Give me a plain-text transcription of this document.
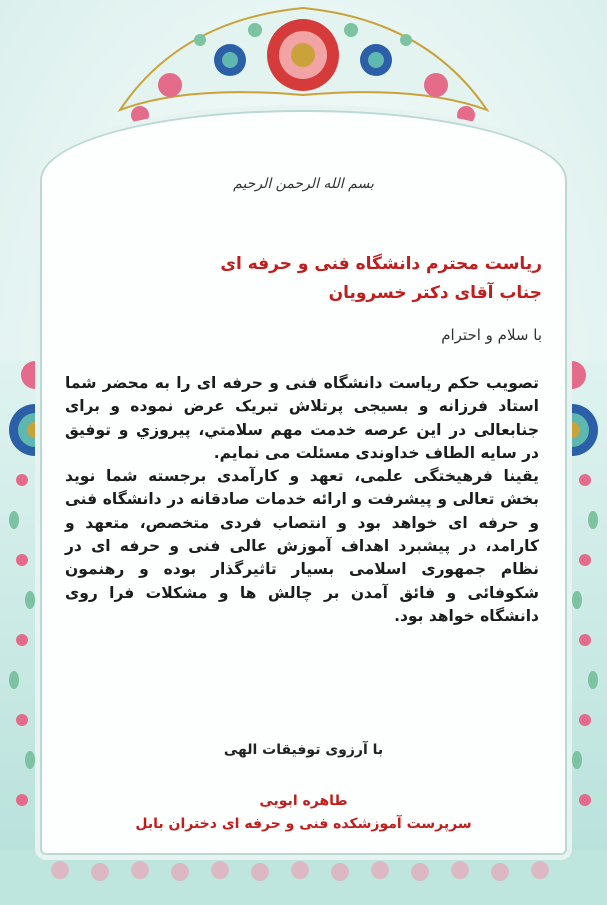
بسم الله الرحمن الرحيم
ریاست محترم دانشگاه فنی و حرفه ای
جناب آقای دکتر خسرویان
با سلام و احترام

تصویب حکم ریاست دانشگاه فنی و حرفه ای را به محضر شما استاد فرزانه و بسیجی پرتلاش تبریک عرض نموده و برای جنابعالی در این عرصه خدمت مهم سلامتي، پیروزي و توفیق در سایه الطاف خداوندی مسئلت می نمایم.

یقینا فرهیختگی علمی، تعهد و کارآمدی برجسته شما نوید بخش تعالی و پیشرفت و ارائه خدمات صادقانه در دانشگاه فنی و حرفه ای خواهد بود و انتصاب فردی متخصص، متعهد و کارامد، در پیشبرد اهداف آموزش عالی فنی و حرفه ای در نظام جمهوری اسلامی بسیار تاثیرگذار بوده و رهنمون شکوفائی و فائق آمدن بر چالش ها و مشکلات فرا روی دانشگاه خواهد بود.

با آرزوی توفیقات الهی
طاهره ابویی
سرپرست آموزشکده فنی و حرفه ای دختران بابل
